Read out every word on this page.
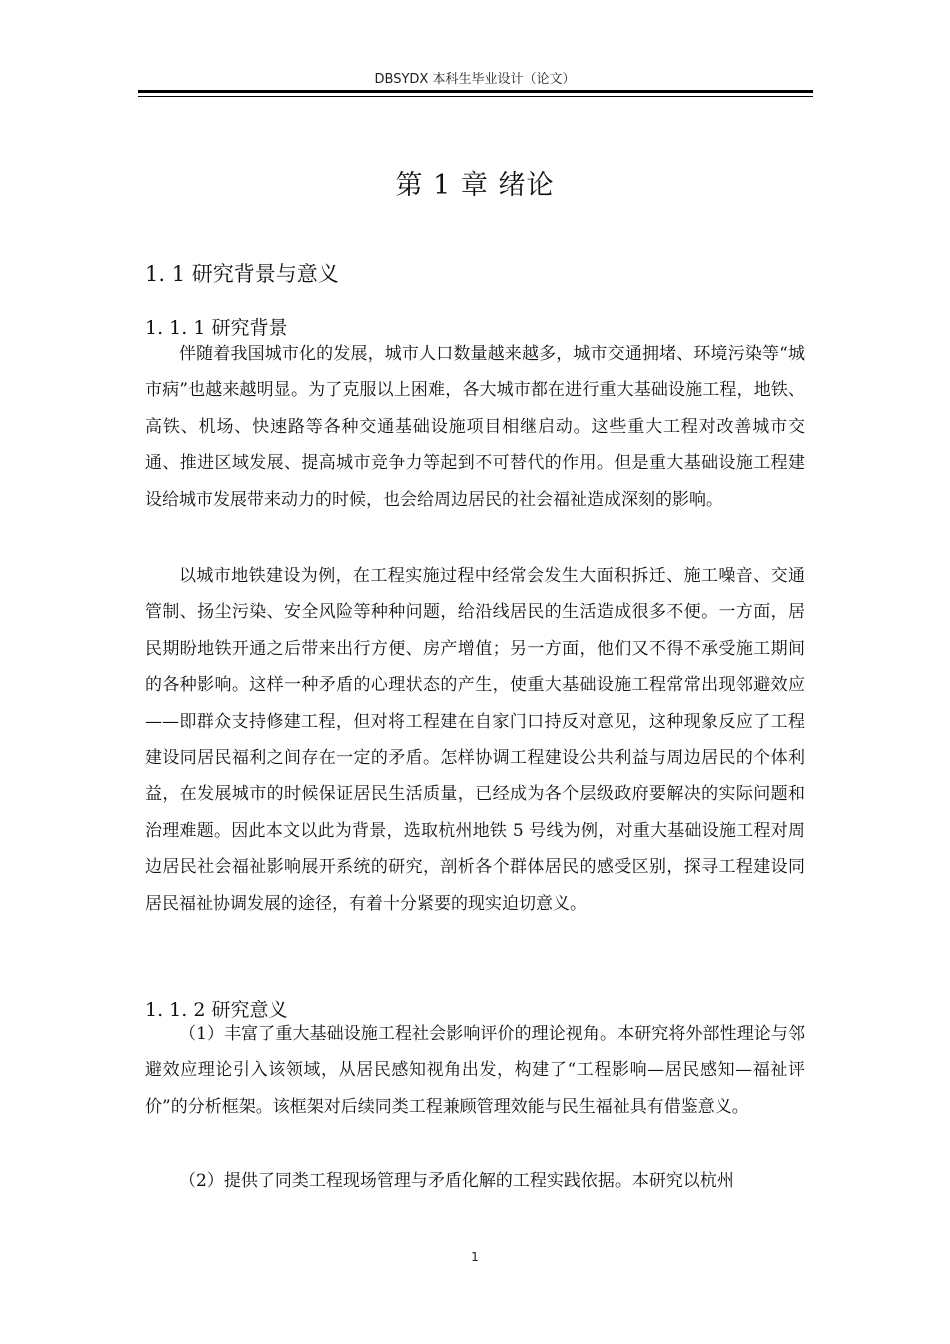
DBSYDX 本科生毕业设计（论文）
第 1 章 绪论
1. 1 研究背景与意义
1. 1. 1 研究背景

伴随着我国城市化的发展，城市人口数量越来越多，城市交通拥堵、环境污染等“城市病”也越来越明显。为了克服以上困难，各大城市都在进行重大基础设施工程，地铁、高铁、机场、快速路等各种交通基础设施项目相继启动。这些重大工程对改善城市交通、推进区域发展、提高城市竞争力等起到不可替代的作用。但是重大基础设施工程建设给城市发展带来动力的时候，也会给周边居民的社会福祉造成深刻的影响。

以城市地铁建设为例，在工程实施过程中经常会发生大面积拆迁、施工噪音、交通管制、扬尘污染、安全风险等种种问题，给沿线居民的生活造成很多不便。一方面，居民期盼地铁开通之后带来出行方便、房产增值；另一方面，他们又不得不承受施工期间的各种影响。这样一种矛盾的心理状态的产生，使重大基础设施工程常常出现邻避效应——即群众支持修建工程，但对将工程建在自家门口持反对意见，这种现象反应了工程建设同居民福利之间存在一定的矛盾。怎样协调工程建设公共利益与周边居民的个体利益，在发展城市的时候保证居民生活质量，已经成为各个层级政府要解决的实际问题和治理难题。因此本文以此为背景，选取杭州地铁 5 号线为例，对重大基础设施工程对周边居民社会福祉影响展开系统的研究，剖析各个群体居民的感受区别，探寻工程建设同居民福祉协调发展的途径，有着十分紧要的现实迫切意义。

1. 1. 2 研究意义

（1）丰富了重大基础设施工程社会影响评价的理论视角。本研究将外部性理论与邻避效应理论引入该领域，从居民感知视角出发，构建了“工程影响—居民感知—福祉评价”的分析框架。该框架对后续同类工程兼顾管理效能与民生福祉具有借鉴意义。

（2）提供了同类工程现场管理与矛盾化解的工程实践依据。本研究以杭州

1
